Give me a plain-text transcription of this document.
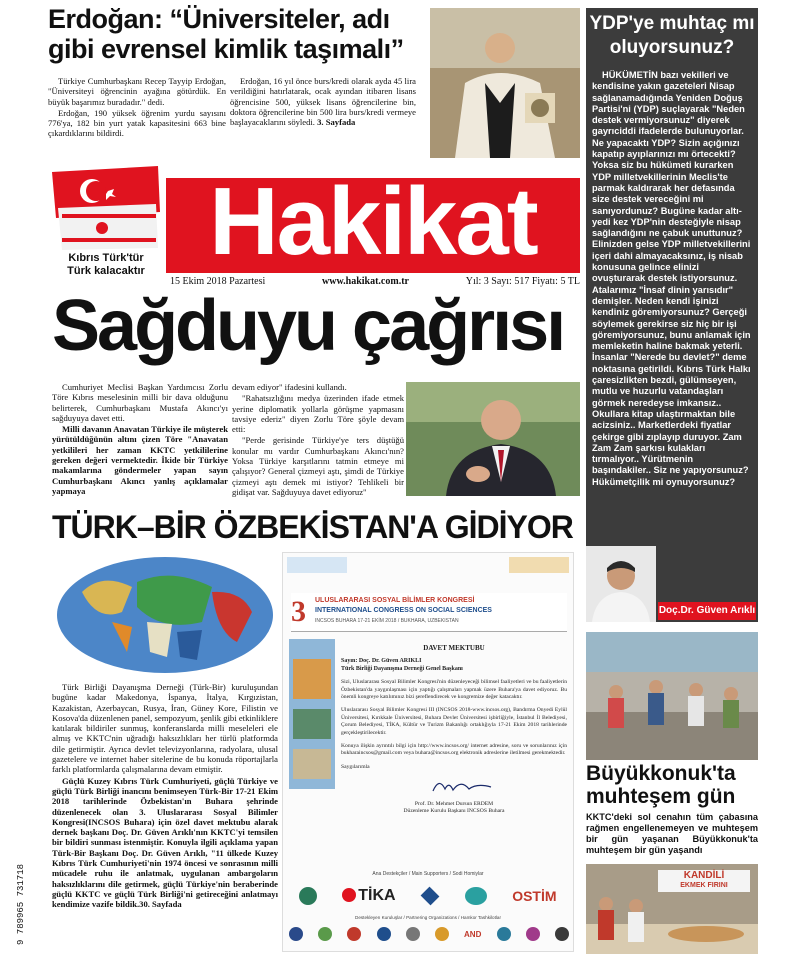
Erdoğan: “Üniversiteler, adı gibi evrensel kimlik taşımalı”

Türkiye Cumhurbaşkanı Recep Tayyip Erdoğan, "Üniversiteyi öğrencinin ayağına götürdük. En büyük başarımız buradadır." dedi.

Erdoğan, 190 yüksek öğrenim yurdu sayısını 776'ya, 182 bin yurt yatak kapasitesini 663 bine çıkardıklarını bildirdi.

Erdoğan, 16 yıl önce burs/kredi olarak ayda 45 lira verildiğini hatırlatarak, ocak ayından itibaren lisans öğrencisine 500, yüksek lisans öğrencilerine bin, doktora öğrencilerine bin 500 lira burs/kredi vermeye başlayacaklarını söyledi. 3. Sayfada

Kıbrıs Türk'tür
Türk kalacaktır Hakikat
15 Ekim 2018 Pazartesi	www.hakikat.com.tr	Yıl: 3 Sayı: 517 Fiyatı: 5 TL
Sağduyu çağrısı

Cumhuriyet Meclisi Başkan Yardımcısı Zorlu Töre Kıbrıs meselesinin milli bir dava olduğunu belirterek, Cumhurbaşkanı Mustafa Akıncı'yı sağduyuya davet etti.

Milli davanın Anavatan Türkiye ile müşterek yürütüldüğünün altını çizen Töre "Anavatan yetkilileri her zaman KKTC yetkililerine gereken değeri vermektedir. İkide bir Türkiye makamlarına göndermeler yapan sayın Cumhurbaşkanı Akıncı yanlış açıklamalar yapmaya

devam ediyor" ifadesini kullandı.

"Rahatsızlığını medya üzerinden ifade etmek yerine diplomatik yollarla görüşme yapmasını tavsiye ederiz" diyen Zorlu Töre şöyle devam etti:

"Perde gerisinde Türkiye'ye ters düştüğü konular mı vardır Cumhurbaşkanı Akıncı'nın? Yoksa Türkiye karşıtlarını tatmin etmeye mi çalışıyor? General çizmeyi aştı, şimdi de Türkiye çizmeyi aştı demek mi istiyor? Tehlikeli bir gidişat var. Sağduyuya davet ediyoruz"

TÜRK–BİR ÖZBEKİSTAN'A GİDİYOR

Türk Birliği Dayanışma Derneği (Türk-Bir) kuruluşundan bugüne kadar Makedonya, İspanya, İtalya, Kırgızistan, Kazakistan, Azerbaycan, Rusya, İran, Güney Kore, Filistin ve Kosova'da düzenlenen panel, sempozyum, şenlik gibi etkinliklere katılarak bildiriler sunmuş, konferanslarda milli meseleleri ele almış ve KKTC'nin uğradığı haksızlıkları her türlü platformda dile getirmiştir. Ayrıca devlet televizyonlarına, radyolara, ulusal gazetelere ve internet haber sitelerine de bu konuda röportajlarla farklı platformlarda çalışmalarına devam etmiştir.

Güçlü Kuzey Kıbrıs Türk Cumhuriyeti, güçlü Türkiye ve güçlü Türk Birliği inancını benimseyen Türk-Bir 17-21 Ekim 2018 tarihlerinde Özbekistan'ın Buhara şehrinde düzenlenecek olan 3. Uluslararası Sosyal Bilimler Kongresi(INCSOS Buhara) için özel davet mektubu alarak dernek başkanı Doç. Dr. Güven Arıklı'nın KKTC'yi temsilen bir bildiri sunması istenmiştir. Konuyla ilgili açıklama yapan Türk-Bir Başkanı Doç. Dr. Güven Arıklı, "11 ülkede Kuzey Kıbrıs Türk Cumhuriyeti'nin 1974 öncesi ve sonrasının milli mücadele ruhu ile anlatmak, uygulanan ambargoların haksızlıklarını dile getirmek, güçlü Türkiye'nin beraberinde güçlü KKTC ve güçlü Türk Birliği'ni getireceğini anlatmayı kendimize vazife bildik.30. Sayfada

9 789965 731718
3 ULUSLARARASI SOSYAL BİLİMLER KONGRESİ
INTERNATIONAL CONGRESS ON SOCIAL SCIENCES
INCSOS BUHARA 17-21 EKİM 2018 / BUKHARA, UZBEKISTAN
DAVET MEKTUBU
Sayın: Doç. Dr. Güven ARIKLI
Türk Birliği Dayanışma Derneği Genel Başkanı
Sizi, Uluslararası Sosyal Bilimler Kongresi'nin düzenleyeceği bilimsel faaliyetleri ve bu faaliyetlerin Özbekistan'da yaygınlaşması için yaptığı çalışmaları yapmak üzere Buhara'ya davet ediyoruz. Bu önemli kongreye katılımınız bizi şereflendirecek ve kongremize değer katacaktır.
Uluslararası Sosyal Bilimler Kongresi III (INCSOS 2018-www.incsos.org), Bandırma Onyedi Eylül Üniversitesi, Kırıkkale Üniversitesi, Buhara Devlet Üniversitesi işbirliğiyle, İstanbul İl Belediyesi, Çorum Belediyesi, TİKA, Kültür ve Turizm Bakanlığı ortaklığıyla 17-21 Ekim 2018 tarihlerinde gerçekleştirilecektir.
Konuya ilişkin ayrıntılı bilgi için http://www.incsos.org/ internet adresine, soru ve sorunlarınız için bukharaincsos@gmail.com veya buhara@incsos.org elektronik adreslerine iletilmesi gerekmektedir.
Saygılarımla
Prof. Dr. Mehmet Dursun ERDEM
Düzenleme Kurulu Başkanı INCSOS Buhara
Ana Destekçiler / Main Supporters / Sodi Homiylar
TİKA	OSTİM
Destekleyen Kuruluşlar / Partnering Organizations / Hamkor Tashkilotlar
AND
YDP'ye muhtaç mı oluyorsunuz?

HÜKÜMETİN bazı vekilleri ve kendisine yakın gazeteleri Nisap sağlanamadığında Yeniden Doğuş Partisi'ni (YDP) suçlayarak "Neden destek vermiyorsunuz" diyerek gayrıciddi ifadelerde bulunuyorlar. Ne yapacaktı YDP? Sizin açığınızı kapatıp ayıplarınızı mı örtecekti? Yoksa siz bu hükümeti kurarken YDP milletvekillerinin Meclis'te parmak kaldırarak her defasında size destek vereceğini mi sanıyordunuz? Bugüne kadar altı-yedi kez YDP'nin desteğiyle nisap sağlandığını ne çabuk unuttunuz? Elinizden gelse YDP milletvekillerini içeri dahi almayacaksınız, iş nisab konusuna gelince elinizi ovuşturarak destek istiyorsunuz. Atalarımız "İnsaf dinin yarısıdır" demişler. Neden kendi işinizi kendiniz göremiyorsunuz? Gerçeği söylemek gerekirse siz hiç bir işi göremiyorsunuz, bunu anlamak için memleketin haline bakmak yeterli. İnsanlar "Nerede bu devlet?" deme noktasına getirildi. Kıbrıs Türk Halkı çaresizlikten bezdi, gülümseyen, mutlu ve huzurlu vatandaşları görmek neredeyse imkansız.. Okullara kitap ulaştırmaktan bile acizsiniz.. Marketlerdeki fiyatlar çekirge gibi zıplayıp duruyor. Zam Zam Zam şarkısı kulakları tırmalıyor.. Yürütmenin başındakiler.. Siz ne yapıyorsunuz? Hükümetçilik mi oynuyorsunuz?

Doç.Dr. Güven Arıklı
Büyükkonuk'ta muhteşem gün

KKTC'deki sol cenahın tüm çabasına rağmen engellenemeyen ve muhteşem bir gün yaşanan Büyükkonuk'ta muhteşem bir gün yaşandı

KANDİLİ
EKMEK FIRINI
